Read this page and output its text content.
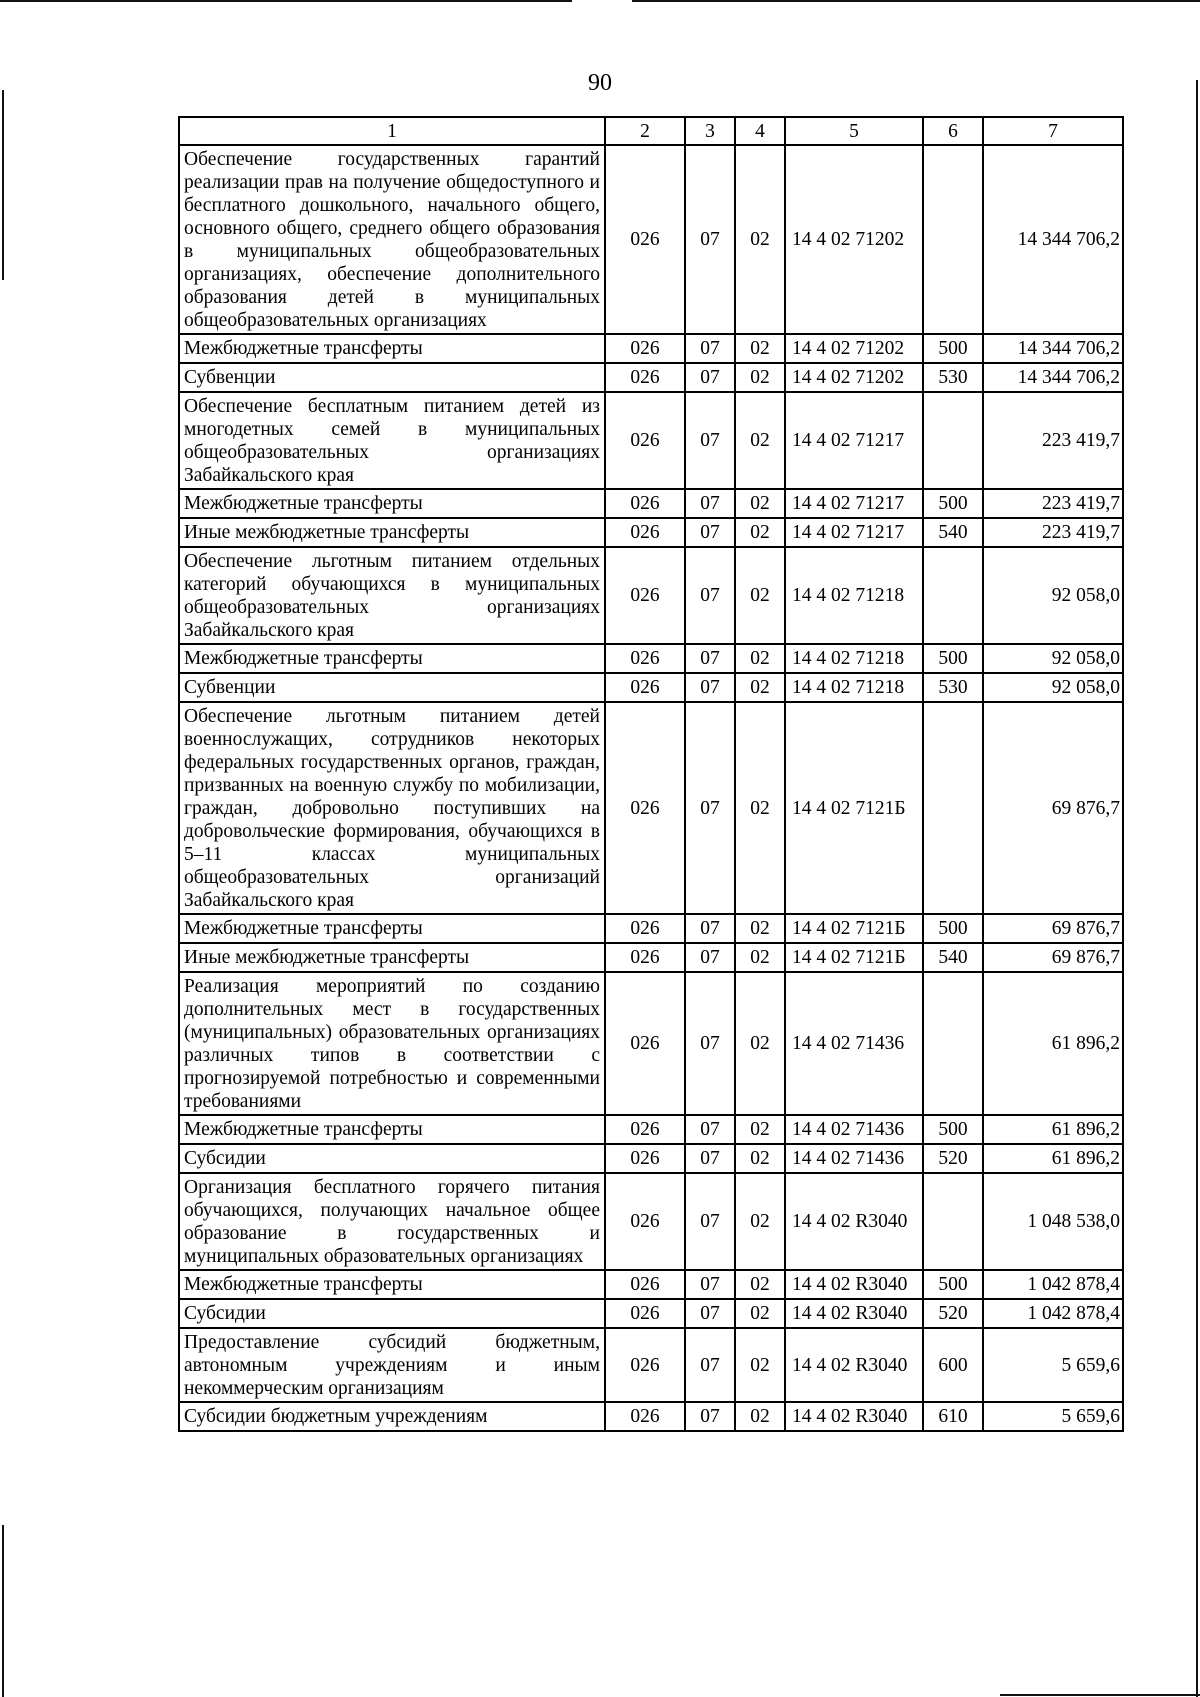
90
1	2	3	4	5	6	7
Обеспечение государственных гарантий реализации прав на получение общедоступного и бесплатного дошкольного, начального общего, основного общего, среднего общего образования в муниципальных общеобразовательных организациях, обеспечение дополнительного образования детей в муниципальных общеобразовательных организациях	026	07	02	14 4 02 71202		14 344 706,2
Межбюджетные трансферты	026	07	02	14 4 02 71202	500	14 344 706,2
Субвенции	026	07	02	14 4 02 71202	530	14 344 706,2
Обеспечение бесплатным питанием детей из многодетных семей в муниципальных общеобразовательных организациях Забайкальского края	026	07	02	14 4 02 71217		223 419,7
Межбюджетные трансферты	026	07	02	14 4 02 71217	500	223 419,7
Иные межбюджетные трансферты	026	07	02	14 4 02 71217	540	223 419,7
Обеспечение льготным питанием отдельных категорий обучающихся в муниципальных общеобразовательных организациях Забайкальского края	026	07	02	14 4 02 71218		92 058,0
Межбюджетные трансферты	026	07	02	14 4 02 71218	500	92 058,0
Субвенции	026	07	02	14 4 02 71218	530	92 058,0
Обеспечение льготным питанием детей военнослужащих, сотрудников некоторых федеральных государственных органов, граждан, призванных на военную службу по мобилизации, граждан, добровольно поступивших на добровольческие формирования, обучающихся в 5–11 классах муниципальных общеобразовательных организаций Забайкальского края	026	07	02	14 4 02 7121Б		69 876,7
Межбюджетные трансферты	026	07	02	14 4 02 7121Б	500	69 876,7
Иные межбюджетные трансферты	026	07	02	14 4 02 7121Б	540	69 876,7
Реализация мероприятий по созданию дополнительных мест в государственных (муниципальных) образовательных организациях различных типов в соответствии с прогнозируемой потребностью и современными требованиями	026	07	02	14 4 02 71436		61 896,2
Межбюджетные трансферты	026	07	02	14 4 02 71436	500	61 896,2
Субсидии	026	07	02	14 4 02 71436	520	61 896,2
Организация бесплатного горячего питания обучающихся, получающих начальное общее образование в государственных и муниципальных образовательных организациях	026	07	02	14 4 02 R3040		1 048 538,0
Межбюджетные трансферты	026	07	02	14 4 02 R3040	500	1 042 878,4
Субсидии	026	07	02	14 4 02 R3040	520	1 042 878,4
Предоставление субсидий бюджетным, автономным учреждениям и иным некоммерческим организациям	026	07	02	14 4 02 R3040	600	5 659,6
Субсидии бюджетным учреждениям	026	07	02	14 4 02 R3040	610	5 659,6
